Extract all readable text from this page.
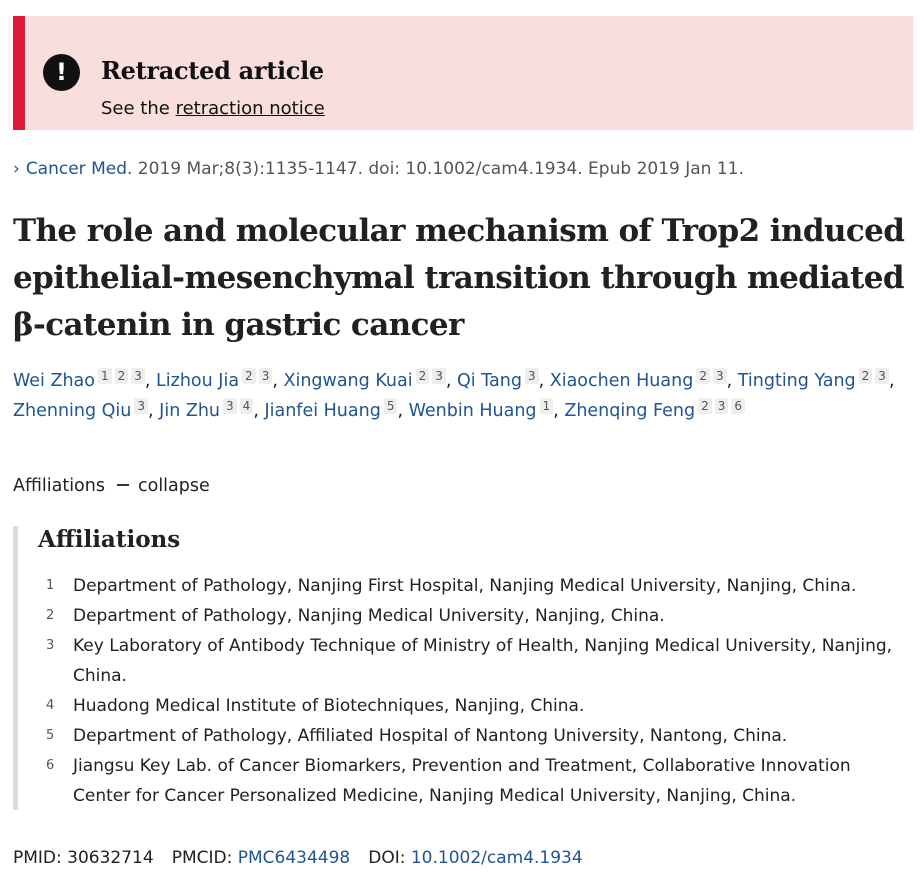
!	Retracted article
See the retraction notice
› Cancer Med. 2019 Mar;8(3):1135-1147. doi: 10.1002/cam4.1934. Epub 2019 Jan 11.
The role and molecular mechanism of Trop2 induced epithelial-mesenchymal transition through mediated β-catenin in gastric cancer
Wei Zhao 1 2 3 , Lizhou Jia 2 3 , Xingwang Kuai 2 3 , Qi Tang 3 , Xiaochen Huang 2 3 , Tingting Yang 2 3 , Zhenning Qiu 3 , Jin Zhu 3 4 , Jianfei Huang 5 , Wenbin Huang 1 , Zhenqing Feng 2 3 6
Affiliations collapse
Affiliations
1 Department of Pathology, Nanjing First Hospital, Nanjing Medical University, Nanjing, China.
2 Department of Pathology, Nanjing Medical University, Nanjing, China.
3 Key Laboratory of Antibody Technique of Ministry of Health, Nanjing Medical University, Nanjing, China.
4 Huadong Medical Institute of Biotechniques, Nanjing, China.
5 Department of Pathology, Affiliated Hospital of Nantong University, Nantong, China.
6 Jiangsu Key Lab. of Cancer Biomarkers, Prevention and Treatment, Collaborative Innovation Center for Cancer Personalized Medicine, Nanjing Medical University, Nanjing, China.
PMID: 30632714 PMCID: PMC6434498 DOI: 10.1002/cam4.1934
